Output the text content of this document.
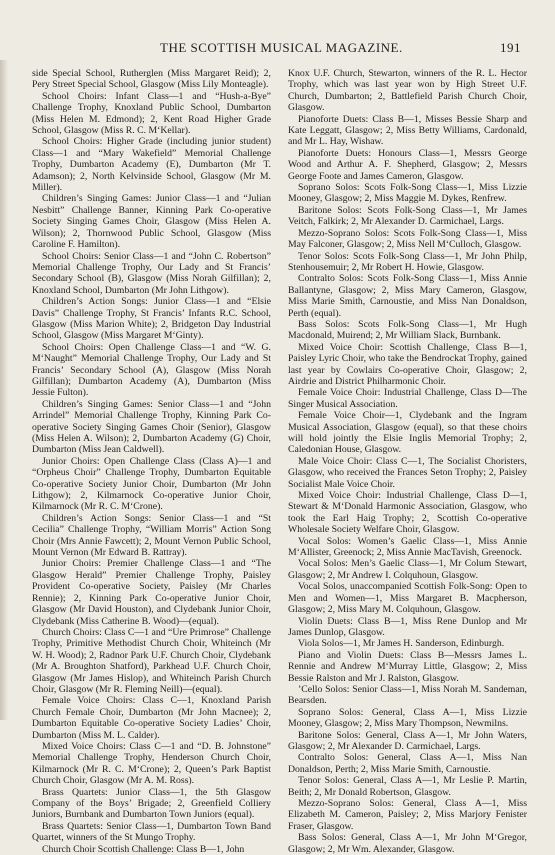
THE SCOTTISH MUSICAL MAGAZINE.	191

side Special School, Rutherglen (Miss Margaret Reid); 2, Pery Street Special School, Glasgow (Miss Lily Monteagle).

School Choirs: Infant Class—1 and “Hush-a-Bye” Challenge Trophy, Knoxland Public School, Dumbarton (Miss Helen M. Edmond); 2, Kent Road Higher Grade School, Glasgow (Miss R. C. M‘Kellar).

School Choirs: Higher Grade (including junior student) Class—1 and “Mary Wakefield” Memorial Challenge Trophy, Dumbarton Academy (E), Dumbarton (Mr T. Adamson); 2, North Kelvinside School, Glasgow (Mr M. Miller).

Children’s Singing Games: Junior Class—1 and “Julian Nesbitt” Challenge Banner, Kinning Park Co-operative Society Singing Games Choir, Glasgow (Miss Helen A. Wilson); 2, Thornwood Public School, Glasgow (Miss Caroline F. Hamilton).

School Choirs: Senior Class—1 and “John C. Robertson” Memorial Challenge Trophy, Our Lady and St Francis’ Secondary School (B), Glasgow (Miss Norah Gilfillan); 2, Knoxland School, Dumbarton (Mr John Lithgow).

Children’s Action Songs: Junior Class—1 and “Elsie Davis” Challenge Trophy, St Francis’ Infants R.C. School, Glasgow (Miss Marion White); 2, Bridgeton Day Industrial School, Glasgow (Miss Margaret M‘Ginty).

School Choirs: Open Challenge Class—1 and “W. G. M‘Naught” Memorial Challenge Trophy, Our Lady and St Francis’ Secondary School (A), Glasgow (Miss Norah Gilfillan); Dumbarton Academy (A), Dumbarton (Miss Jessie Fulton).

Children’s Singing Games: Senior Class—1 and “John Arrindel” Memorial Challenge Trophy, Kinning Park Co-operative Society Singing Games Choir (Senior), Glasgow (Miss Helen A. Wilson); 2, Dumbarton Academy (G) Choir, Dumbarton (Miss Jean Caldwell).

Junior Choirs: Open Challenge Class (Class A)—1 and “Orpheus Choir” Challenge Trophy, Dumbarton Equitable Co-operative Society Junior Choir, Dumbarton (Mr John Lithgow); 2, Kilmarnock Co-operative Junior Choir, Kilmarnock (Mr R. C. M‘Crone).

Children’s Action Songs: Senior Class—1 and “St Cecilia” Challenge Trophy, “William Morris” Action Song Choir (Mrs Annie Fawcett); 2, Mount Vernon Public School, Mount Vernon (Mr Edward B. Rattray).

Junior Choirs: Premier Challenge Class—1 and “The Glasgow Herald” Premier Challenge Trophy, Paisley Provident Co-operative Society, Paisley (Mr Charles Rennie); 2, Kinning Park Co-operative Junior Choir, Glasgow (Mr David Houston), and Clydebank Junior Choir, Clydebank (Miss Catherine B. Wood)—(equal).

Church Choirs: Class C—1 and “Ure Primrose” Challenge Trophy, Primitive Methodist Church Choir, Whiteinch (Mr W. H. Wood); 2, Radnor Park U.F. Church Choir, Clydebank (Mr A. Broughton Shatford), Parkhead U.F. Church Choir, Glasgow (Mr James Hislop), and Whiteinch Parish Church Choir, Glasgow (Mr R. Fleming Neill)—(equal).

Female Voice Choirs: Class C—1, Knoxland Parish Church Female Choir, Dumbarton (Mr John Macnee); 2, Dumbarton Equitable Co-operative Society Ladies’ Choir, Dumbarton (Miss M. L. Calder).

Mixed Voice Choirs: Class C—1 and “D. B. Johnstone” Memorial Challenge Trophy, Henderson Church Choir, Kilmarnock (Mr R. C. M‘Crone); 2, Queen’s Park Baptist Church Choir, Glasgow (Mr A. M. Ross).

Brass Quartets: Junior Class—1, the 5th Glasgow Company of the Boys’ Brigade; 2, Greenfield Colliery Juniors, Burnbank and Dumbarton Town Juniors (equal).

Brass Quartets: Senior Class—1, Dumbarton Town Band Quartet, winners of the St Mungo Trophy.

Church Choir Scottish Challenge: Class B—1, John

Knox U.F. Church, Stewarton, winners of the R. L. Hector Trophy, which was last year won by High Street U.F. Church, Dumbarton; 2, Battlefield Parish Church Choir, Glasgow.

Pianoforte Duets: Class B—1, Misses Bessie Sharp and Kate Leggatt, Glasgow; 2, Miss Betty Williams, Cardonald, and Mr L. Hay, Wishaw.

Pianoforte Duets: Honours Class—1, Messrs George Wood and Arthur A. F. Shepherd, Glasgow; 2, Messrs George Foote and James Cameron, Glasgow.

Soprano Solos: Scots Folk-Song Class—1, Miss Lizzie Mooney, Glasgow; 2, Miss Maggie M. Dykes, Renfrew.

Baritone Solos: Scots Folk-Song Class—1, Mr James Veitch, Falkirk; 2, Mr Alexander D. Carmichael, Largs.

Mezzo-Soprano Solos: Scots Folk-Song Class—1, Miss May Falconer, Glasgow; 2, Miss Nell M‘Culloch, Glasgow.

Tenor Solos: Scots Folk-Song Class—1, Mr John Philp, Stenhousemuir; 2, Mr Robert H. Howie, Glasgow.

Contralto Solos: Scots Folk-Song Class—1, Miss Annie Ballantyne, Glasgow; 2, Miss Mary Cameron, Glasgow, Miss Marie Smith, Carnoustie, and Miss Nan Donaldson, Perth (equal).

Bass Solos: Scots Folk-Song Class—1, Mr Hugh Macdonald, Muirend; 2, Mr William Slack, Burnbank.

Mixed Voice Choir: Scottish Challenge, Class B—1, Paisley Lyric Choir, who take the Bendrockat Trophy, gained last year by Cowlairs Co-operative Choir, Glasgow; 2, Airdrie and District Philharmonic Choir.

Female Voice Choir: Industrial Challenge, Class D—The Singer Musical Association.

Female Voice Choir—1, Clydebank and the Ingram Musical Association, Glasgow (equal), so that these choirs will hold jointly the Elsie Inglis Memorial Trophy; 2, Caledonian House, Glasgow.

Male Voice Choir: Class C—1, The Socialist Choristers, Glasgow, who received the Frances Seton Trophy; 2, Paisley Socialist Male Voice Choir.

Mixed Voice Choir: Industrial Challenge, Class D—1, Stewart & M‘Donald Harmonic Association, Glasgow, who took the Earl Haig Trophy; 2, Scottish Co-operative Wholesale Society Welfare Choir, Glasgow.

Vocal Solos: Women’s Gaelic Class—1, Miss Annie M‘Allister, Greenock; 2, Miss Annie MacTavish, Greenock.

Vocal Solos: Men’s Gaelic Class—1, Mr Colum Stewart, Glasgow; 2, Mr Andrew I. Colquhoun, Glasgow.

Vocal Solos, unaccompanied Scottish Folk-Song: Open to Men and Women—1, Miss Margaret B. Macpherson, Glasgow; 2, Miss Mary M. Colquhoun, Glasgow.

Violin Duets: Class B—1, Miss Rene Dunlop and Mr James Dunlop, Glasgow.

Viola Solos—1, Mr James H. Sanderson, Edinburgh.

Piano and Violin Duets: Class B—Messrs James L. Rennie and Andrew M‘Murray Little, Glasgow; 2, Miss Bessie Ralston and Mr J. Ralston, Glasgow.

’Cello Solos: Senior Class—1, Miss Norah M. Sandeman, Bearsden.

Soprano Solos: General, Class A—1, Miss Lizzie Mooney, Glasgow; 2, Miss Mary Thompson, Newmilns.

Baritone Solos: General, Class A—1, Mr John Waters, Glasgow; 2, Mr Alexander D. Carmichael, Largs.

Contralto Solos: General, Class A—1, Miss Nan Donaldson, Perth; 2, Miss Marie Smith, Carnoustie.

Tenor Solos: General, Class A—1, Mr Leslie P. Martin, Beith; 2, Mr Donald Robertson, Glasgow.

Mezzo-Soprano Solos: General, Class A—1, Miss Elizabeth M. Cameron, Paisley; 2, Miss Marjory Fenister Fraser, Glasgow.

Bass Solos: General, Class A—1, Mr John M‘Gregor, Glasgow; 2, Mr Wm. Alexander, Glasgow.
